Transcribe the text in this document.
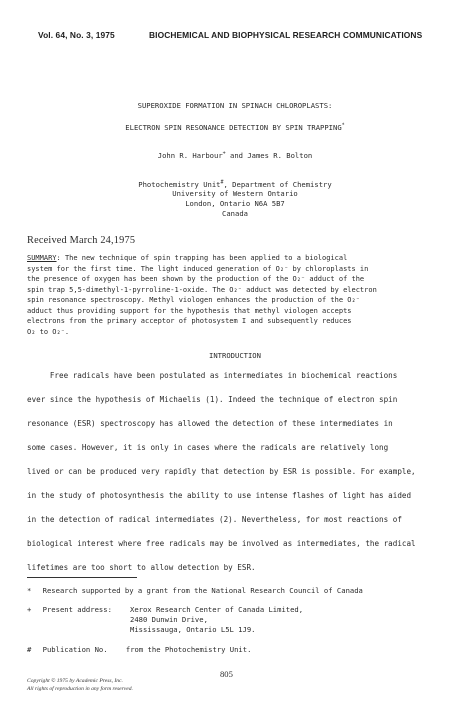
Vol. 64, No. 3, 1975	BIOCHEMICAL AND BIOPHYSICAL RESEARCH COMMUNICATIONS
SUPEROXIDE FORMATION IN SPINACH CHLOROPLASTS:
ELECTRON SPIN RESONANCE DETECTION BY SPIN TRAPPING*
John R. Harbour+ and James R. Bolton
Photochemistry Unit#, Department of Chemistry
University of Western Ontario
London, Ontario N6A 5B7
Canada
Received March 24,1975
SUMMARY: The new technique of spin trapping has been applied to a biological
system for the first time. The light induced generation of O₂⁻ by chloroplasts in
the presence of oxygen has been shown by the production of the O₂⁻ adduct of the
spin trap 5,5-dimethyl-1-pyrroline-1-oxide. The O₂⁻ adduct was detected by electron
spin resonance spectroscopy. Methyl viologen enhances the production of the O₂⁻
adduct thus providing support for the hypothesis that methyl viologen accepts
electrons from the primary acceptor of photosystem I and subsequently reduces
O₂ to O₂⁻.
INTRODUCTION
Free radicals have been postulated as intermediates in biochemical reactions
ever since the hypothesis of Michaelis (1). Indeed the technique of electron spin
resonance (ESR) spectroscopy has allowed the detection of these intermediates in
some cases. However, it is only in cases where the radicals are relatively long
lived or can be produced very rapidly that detection by ESR is possible. For example,
in the study of photosynthesis the ability to use intense flashes of light has aided
in the detection of radical intermediates (2). Nevertheless, for most reactions of
biological interest where free radicals may be involved as intermediates, the radical
lifetimes are too short to allow detection by ESR.
* Research supported by a grant from the National Research Council of Canada
+ Present address:	Xerox Research Center of Canada Limited,
2480 Dunwin Drive,
Mississauga, Ontario L5L 1J9.
# Publication No.	from the Photochemistry Unit.
805
Copyright © 1975 by Academic Press, Inc.
All rights of reproduction in any form reserved.
